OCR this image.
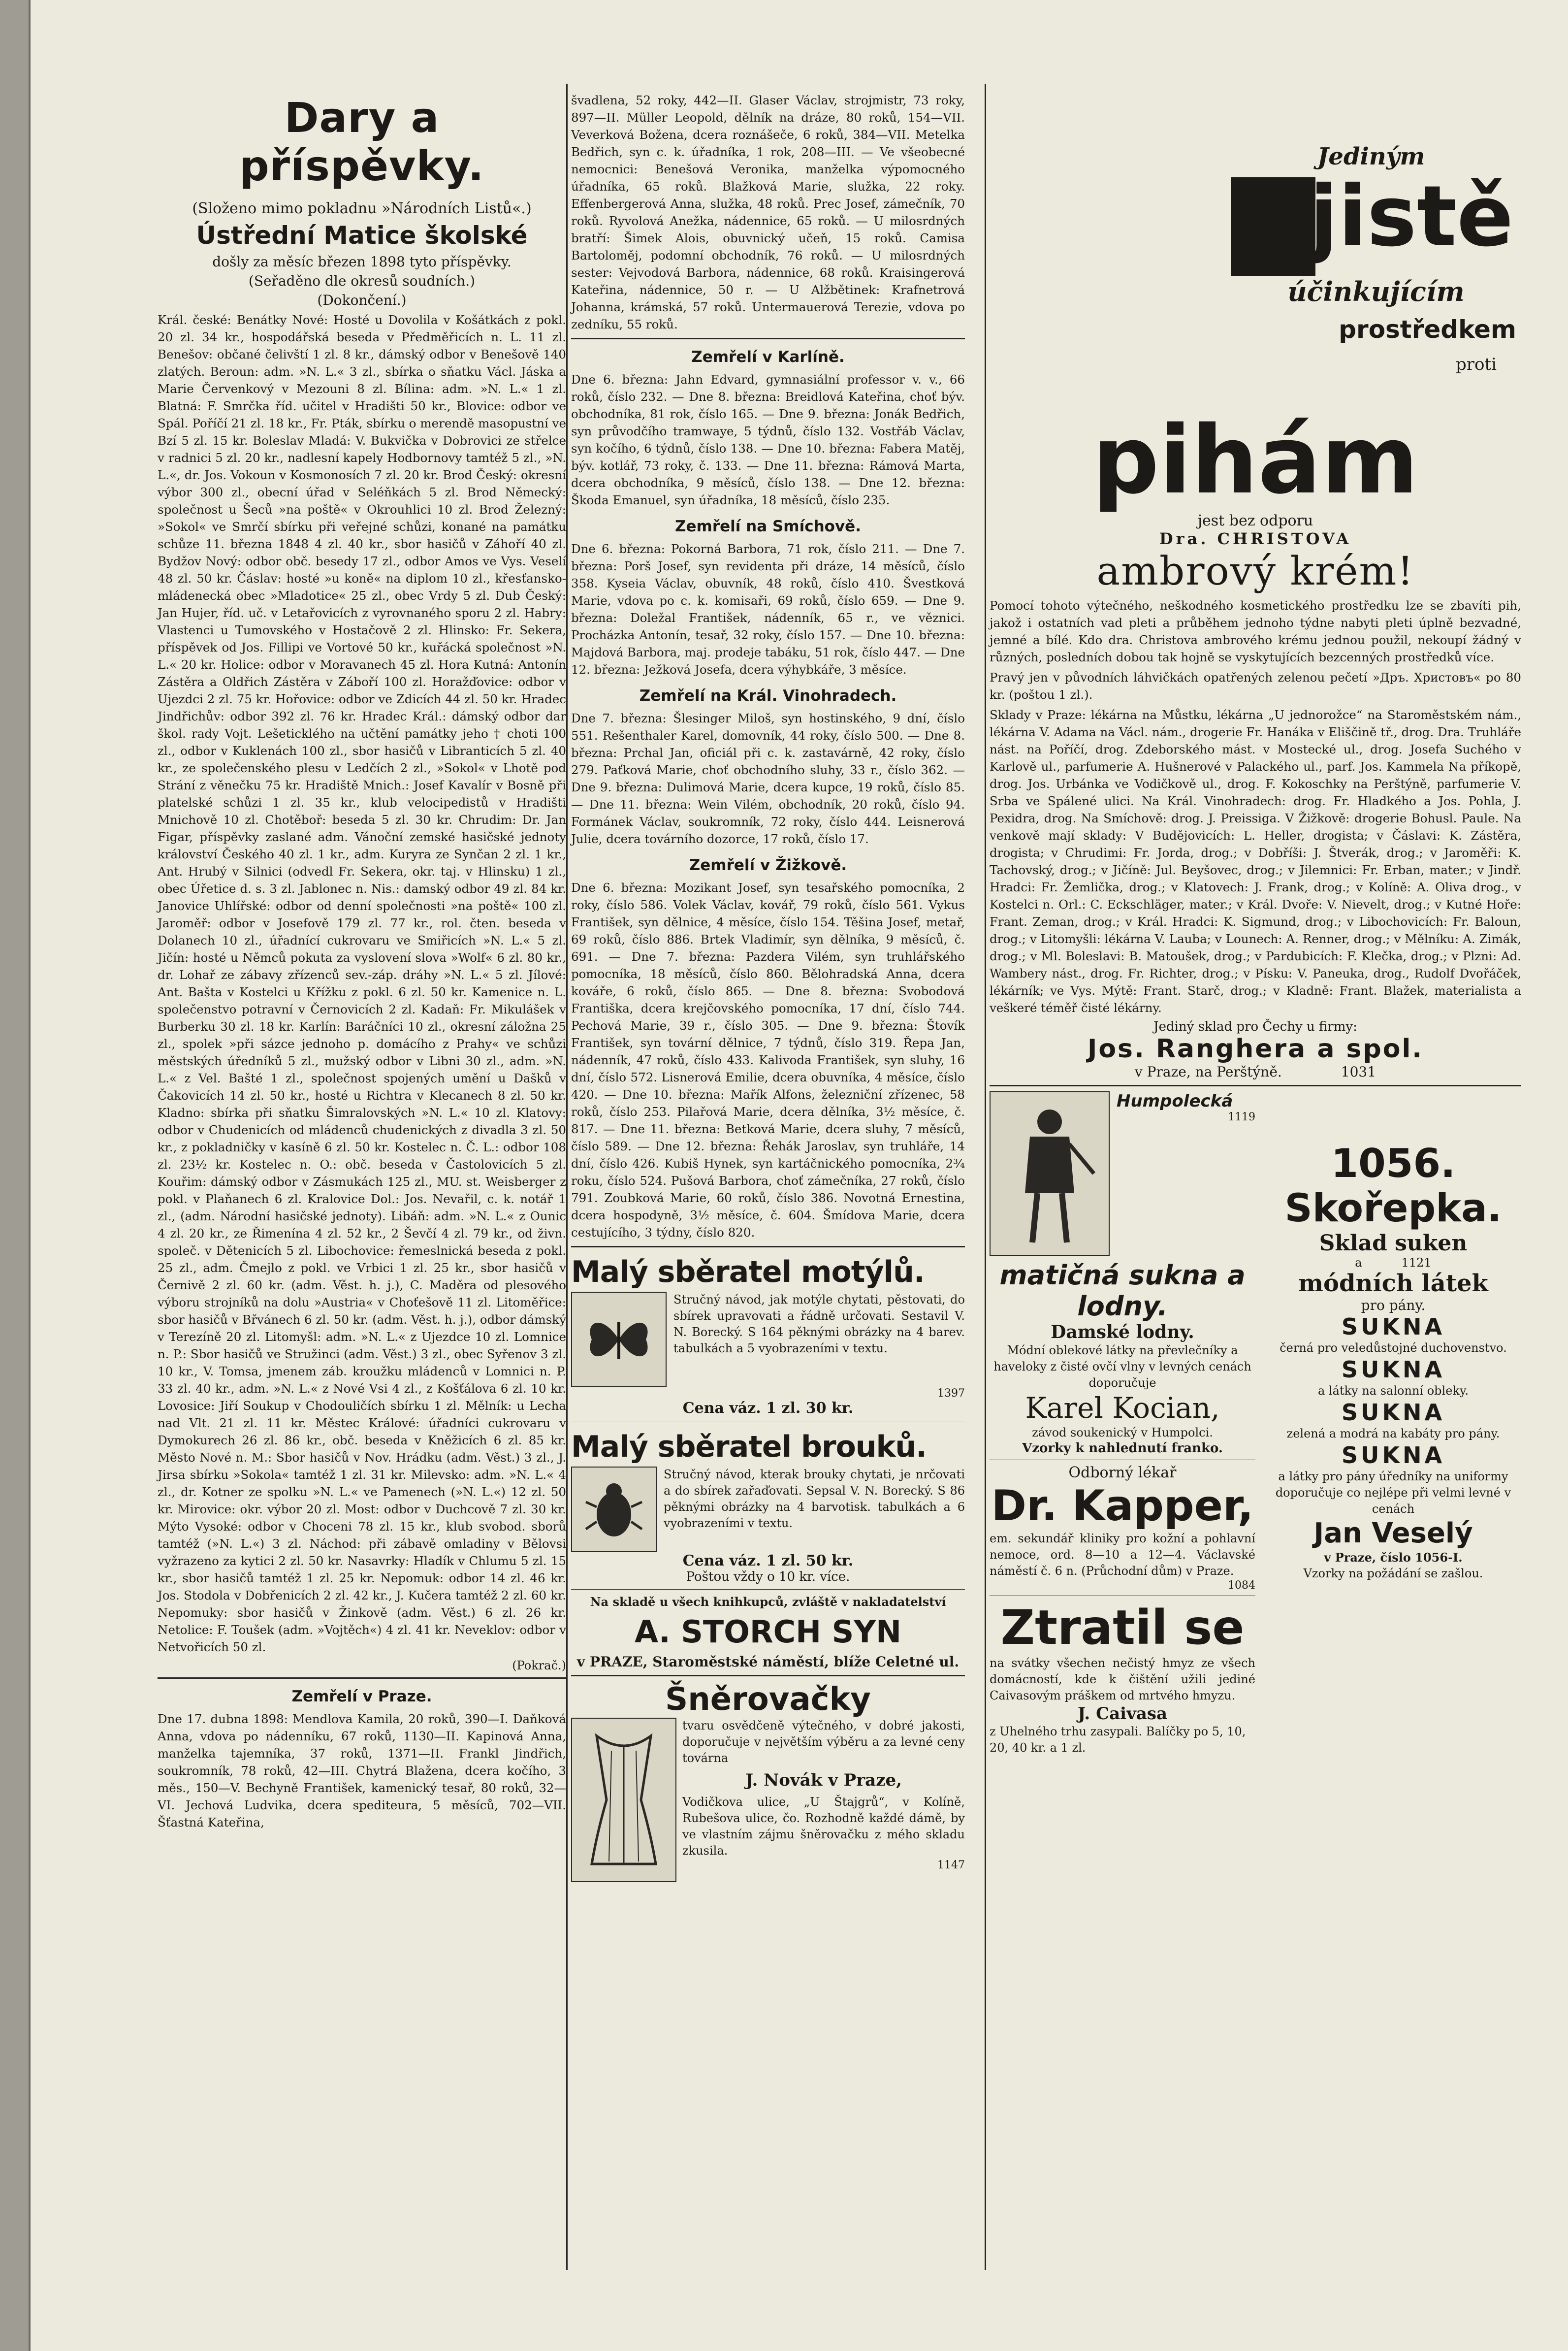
Dary a příspěvky.
(Složeno mimo pokladnu »Národních Listů«.)
Ústřední Matice školské
došly za měsíc březen 1898 tyto příspěvky.
(Seřaděno dle okresů soudních.)
(Dokončení.)
Král. české: Benátky Nové: Hosté u Dovolila v Košátkách z pokl. 20 zl. 34 kr., hospodářská beseda v Předměřicích n. L. 11 zl. Benešov: občané čelivští 1 zl. 8 kr., dámský odbor v Benešově 140 zlatých. Beroun: adm. »N. L.« 3 zl., sbírka o sňatku Václ. Jáska a Marie Červenkový v Mezouni 8 zl. Bílina: adm. »N. L.« 1 zl. Blatná: F. Smrčka říd. učitel v Hradišti 50 kr., Blovice: odbor ve Spál. Poříčí 21 zl. 18 kr., Fr. Pták, sbírku o merendě masopustní ve Bzí 5 zl. 15 kr. Boleslav Mladá: V. Bukvička v Dobrovici ze střelce v radnici 5 zl. 20 kr., nadlesní kapely Hodbornovy tamtéž 5 zl., »N. L.«, dr. Jos. Vokoun v Kosmonosích 7 zl. 20 kr. Brod Český: okresní výbor 300 zl., obecní úřad v Seléňkách 5 zl. Brod Německý: společnost u Šeců »na poště« v Okrouhlici 10 zl. Brod Železný: »Sokol« ve Smrčí sbírku při veřejné schůzi, konané na památku schůze 11. března 1848 4 zl. 40 kr., sbor hasičů v Záhoří 40 zl. Bydžov Nový: odbor obč. besedy 17 zl., odbor Amos ve Vys. Veselí 48 zl. 50 kr. Čáslav: hosté »u koně« na diplom 10 zl., křesťansko-mládenecká obec »Mladotice« 25 zl., obec Vrdy 5 zl. Dub Český: Jan Hujer, říd. uč. v Letařovicích z vyrovnaného sporu 2 zl. Habry: Vlastenci u Tumovského v Hostačově 2 zl. Hlinsko: Fr. Sekera, příspěvek od Jos. Fillipi ve Vortové 50 kr., kuřácká společnost »N. L.« 20 kr. Holice: odbor v Moravanech 45 zl. Hora Kutná: Antonín Zástěra a Oldřich Zástěra v Záboří 100 zl. Horažďovice: odbor v Ujezdci 2 zl. 75 kr. Hořovice: odbor ve Zdicích 44 zl. 50 kr. Hradec Jindřichův: odbor 392 zl. 76 kr. Hradec Král.: dámský odbor dar škol. rady Vojt. Lešeticklého na učtění památky jeho † choti 100 zl., odbor v Kuklenách 100 zl., sbor hasičů v Libranticích 5 zl. 40 kr., ze společenského plesu v Ledčích 2 zl., »Sokol« v Lhotě pod Strání z věnečku 75 kr. Hradiště Mnich.: Josef Kavalír v Bosně při platelské schůzi 1 zl. 35 kr., klub velocipedistů v Hradišti Mnichově 10 zl. Chotěboř: beseda 5 zl. 30 kr. Chrudim: Dr. Jan Figar, příspěvky zaslané adm. Vánoční zemské hasičské jednoty království Českého 40 zl. 1 kr., adm. Kuryra ze Synčan 2 zl. 1 kr., Ant. Hrubý v Silnici (odvedl Fr. Sekera, okr. taj. v Hlinsku) 1 zl., obec Úřetice d. s. 3 zl. Jablonec n. Nis.: damský odbor 49 zl. 84 kr. Janovice Uhlířské: odbor od denní společnosti »na poště« 100 zl. Jaroměř: odbor v Josefově 179 zl. 77 kr., rol. čten. beseda v Dolanech 10 zl., úřadnící cukrovaru ve Smiřicích »N. L.« 5 zl. Jičín: hosté u Němců pokuta za vyslovení slova »Wolf« 6 zl. 80 kr., dr. Lohař ze zábavy zřízenců sev.-záp. dráhy »N. L.« 5 zl. Jílové: Ant. Bašta v Kostelci u Křížku z pokl. 6 zl. 50 kr. Kamenice n. L. společenstvo potravní v Černovicích 2 zl. Kadaň: Fr. Mikulášek v Burberku 30 zl. 18 kr. Karlín: Baráčníci 10 zl., okresní záložna 25 zl., spolek »při sázce jednoho p. domácího z Prahy« ve schůzi městských úředníků 5 zl., mužský odbor v Libni 30 zl., adm. »N. L.« z Vel. Bašté 1 zl., společnost spojených umění u Dašků v Čakovicích 14 zl. 50 kr., hosté u Richtra v Klecanech 8 zl. 50 kr. Kladno: sbírka při sňatku Šimralovských »N. L.« 10 zl. Klatovy: odbor v Chudenicích od mládenců chudenických z divadla 3 zl. 50 kr., z pokladničky v kasíně 6 zl. 50 kr. Kostelec n. Č. L.: odbor 108 zl. 23½ kr. Kostelec n. O.: obč. beseda v Častolovicích 5 zl. Kouřim: dámský odbor v Zásmukách 125 zl., MU. st. Weisberger z pokl. v Plaňanech 6 zl. Kralovice Dol.: Jos. Nevařil, c. k. notář 1 zl., (adm. Národní hasičské jednoty). Libáň: adm. »N. L.« z Ounic 4 zl. 20 kr., ze Řimenína 4 zl. 52 kr., 2 Ševčí 4 zl. 79 kr., od živn. společ. v Dětenicích 5 zl. Libochovice: řemeslnická beseda z pokl. 25 zl., adm. Čmejlo z pokl. ve Vrbici 1 zl. 25 kr., sbor hasičů v Černivě 2 zl. 60 kr. (adm. Věst. h. j.), C. Maděra od plesového výboru strojníků na dolu »Austria« v Choťešově 11 zl. Litoměřice: sbor hasičů v Břvánech 6 zl. 50 kr. (adm. Věst. h. j.), odbor dámský v Terezíně 20 zl. Litomyšl: adm. »N. L.« z Ujezdce 10 zl. Lomnice n. P.: Sbor hasičů ve Stružinci (adm. Věst.) 3 zl., obec Syřenov 3 zl. 10 kr., V. Tomsa, jmenem záb. kroužku mládenců v Lomnici n. P. 33 zl. 40 kr., adm. »N. L.« z Nové Vsi 4 zl., z Košťálova 6 zl. 10 kr. Lovosice: Jiří Soukup v Chodouličích sbírku 1 zl. Mělník: u Lecha nad Vlt. 21 zl. 11 kr. Městec Králové: úřadníci cukrovaru v Dymokurech 26 zl. 86 kr., obč. beseda v Kněžicích 6 zl. 85 kr. Město Nové n. M.: Sbor hasičů v Nov. Hrádku (adm. Věst.) 3 zl., J. Jirsa sbírku »Sokola« tamtéž 1 zl. 31 kr. Milevsko: adm. »N. L.« 4 zl., dr. Kotner ze spolku »N. L.« ve Pamenech (»N. L.«) 12 zl. 50 kr. Mirovice: okr. výbor 20 zl. Most: odbor v Duchcově 7 zl. 30 kr. Mýto Vysoké: odbor v Choceni 78 zl. 15 kr., klub svobod. sborů tamtéž (»N. L.«) 3 zl. Náchod: při zábavě omladiny v Bělovsi vyžrazeno za kytici 2 zl. 50 kr. Nasavrky: Hladík v Chlumu 5 zl. 15 kr., sbor hasičů tamtéž 1 zl. 25 kr. Nepomuk: odbor 14 zl. 46 kr. Jos. Stodola v Dobřenicích 2 zl. 42 kr., J. Kučera tamtéž 2 zl. 60 kr. Nepomuky: sbor hasičů v Žinkově (adm. Věst.) 6 zl. 26 kr. Netolice: F. Toušek (adm. »Vojtěch«) 4 zl. 41 kr. Neveklov: odbor v Netvořicích 50 zl.
(Pokrač.)
Zemřelí v Praze.
Dne 17. dubna 1898: Mendlova Kamila, 20 roků, 390—I. Daňková Anna, vdova po nádenníku, 67 roků, 1130—II. Kapinová Anna, manželka tajemníka, 37 roků, 1371—II. Frankl Jindřich, soukromník, 78 roků, 42—III. Chytrá Blažena, dcera kočího, 3 měs., 150—V. Bechyně František, kamenický tesař, 80 roků, 32—VI. Jechová Ludvika, dcera spediteura, 5 měsíců, 702—VII. Šťastná Kateřina,
švadlena, 52 roky, 442—II. Glaser Václav, strojmistr, 73 roky, 897—II. Müller Leopold, dělník na dráze, 80 roků, 154—VII. Veverková Božena, dcera roznášeče, 6 roků, 384—VII. Metelka Bedřich, syn c. k. úřadníka, 1 rok, 208—III. — Ve všeobecné nemocnici: Benešová Veronika, manželka výpomocného úřadníka, 65 roků. Blažková Marie, služka, 22 roky. Effenbergerová Anna, služka, 48 roků. Prec Josef, zámečník, 70 roků. Ryvolová Anežka, nádennice, 65 roků. — U milosrdných bratří: Šimek Alois, obuvnický učeň, 15 roků. Camisa Bartoloměj, podomní obchodník, 76 roků. — U milosrdných sester: Vejvodová Barbora, nádennice, 68 roků. Kraisingerová Kateřina, nádennice, 50 r. — U Alžbětinek: Krafnetrová Johanna, krámská, 57 roků. Untermauerová Terezie, vdova po zedníku, 55 roků.
Zemřelí v Karlíně.
Dne 6. března: Jahn Edvard, gymnasiální professor v. v., 66 roků, číslo 232. — Dne 8. března: Breidlová Kateřina, choť býv. obchodníka, 81 rok, číslo 165. — Dne 9. března: Jonák Bedřich, syn průvodčího tramwaye, 5 týdnů, číslo 132. Vostřáb Václav, syn kočího, 6 týdnů, číslo 138. — Dne 10. března: Fabera Matěj, býv. kotlář, 73 roky, č. 133. — Dne 11. března: Rámová Marta, dcera obchodníka, 9 měsíců, číslo 138. — Dne 12. března: Škoda Emanuel, syn úřadníka, 18 měsíců, číslo 235.
Zemřelí na Smíchově.
Dne 6. března: Pokorná Barbora, 71 rok, číslo 211. — Dne 7. března: Porš Josef, syn revidenta při dráze, 14 měsíců, číslo 358. Kyseia Václav, obuvník, 48 roků, číslo 410. Švestková Marie, vdova po c. k. komisaři, 69 roků, číslo 659. — Dne 9. března: Doležal František, nádenník, 65 r., ve věznici. Procházka Antonín, tesař, 32 roky, číslo 157. — Dne 10. března: Majdová Barbora, maj. prodeje tabáku, 51 rok, číslo 447. — Dne 12. března: Ježková Josefa, dcera výhybkáře, 3 měsíce.
Zemřelí na Král. Vinohradech.
Dne 7. března: Šlesinger Miloš, syn hostinského, 9 dní, číslo 551. Rešenthaler Karel, domovník, 44 roky, číslo 500. — Dne 8. března: Prchal Jan, oficiál při c. k. zastavárně, 42 roky, číslo 279. Paťková Marie, choť obchodního sluhy, 33 r., číslo 362. — Dne 9. března: Dulimová Marie, dcera kupce, 19 roků, číslo 85. — Dne 11. března: Wein Vilém, obchodník, 20 roků, číslo 94. Formánek Václav, soukromník, 72 roky, číslo 444. Leisnerová Julie, dcera továrního dozorce, 17 roků, číslo 17.
Zemřelí v Žižkově.
Dne 6. března: Mozikant Josef, syn tesařského pomocníka, 2 roky, číslo 586. Volek Václav, kovář, 79 roků, číslo 561. Vykus František, syn dělnice, 4 měsíce, číslo 154. Těšina Josef, metař, 69 roků, číslo 886. Brtek Vladimír, syn dělníka, 9 měsíců, č. 691. — Dne 7. března: Pazdera Vilém, syn truhlářského pomocníka, 18 měsíců, číslo 860. Bělohradská Anna, dcera kováře, 6 roků, číslo 865. — Dne 8. března: Svobodová Františka, dcera krejčovského pomocníka, 17 dní, číslo 744. Pechová Marie, 39 r., číslo 305. — Dne 9. března: Štovík František, syn tovární dělnice, 7 týdnů, číslo 319. Řepa Jan, nádenník, 47 roků, číslo 433. Kalivoda František, syn sluhy, 16 dní, číslo 572. Lisnerová Emilie, dcera obuvníka, 4 měsíce, číslo 420. — Dne 10. března: Mařík Alfons, železniční zřízenec, 58 roků, číslo 253. Pilařová Marie, dcera dělníka, 3½ měsíce, č. 817. — Dne 11. března: Betková Marie, dcera sluhy, 7 měsíců, číslo 589. — Dne 12. března: Řehák Jaroslav, syn truhláře, 14 dní, číslo 426. Kubiš Hynek, syn kartáčnického pomocníka, 2¾ roku, číslo 524. Pušová Barbora, choť zámečníka, 27 roků, číslo 791. Zoubková Marie, 60 roků, číslo 386. Novotná Ernestina, dcera hospodyně, 3½ měsíce, č. 604. Šmídova Marie, dcera cestujícího, 3 týdny, číslo 820.
Malý sběratel motýlů.
Stručný návod, jak motýle chytati, pěstovati, do sbírek upravovati a řádně určovati. Sestavil V. N. Borecký. S 164 pěknými obrázky na 4 barev. tabulkách a 5 vyobrazeními v textu.
1397
Cena váz. 1 zl. 30 kr.
Malý sběratel brouků.
Stručný návod, kterak brouky chytati, je nrčovati a do sbírek zařaďovati. Sepsal V. N. Borecký. S 86 pěknými obrázky na 4 barvotisk. tabulkách a 6 vyobrazeními v textu.
Cena váz. 1 zl. 50 kr.
Poštou vždy o 10 kr. více.
Na skladě u všech knihkupců, zvláště v nakladatelství
A. STORCH SYN
v PRAZE, Staroměstské náměstí, blíže Celetné ul.
Šněrovačky
tvaru osvědčeně výtečného, v dobré jakosti, doporučuje v největším výběru a za levné ceny továrna
J. Novák v Praze,
Vodičkova ulice, „U Štajgrů“, v Kolíně, Rubešova ulice, čo. Rozhodně každé dámě, by ve vlastním zájmu šněrovačku z mého skladu zkusila.
1147
Jediným
jistě
účinkujícím
prostředkem
proti
pihám
jest bez odporu
Dra. CHRISTOVA
ambrový krém!
Pomocí tohoto výtečného, neškodného kosmetického prostředku lze se zbavíti pih, jakož i ostatních vad pleti a průběhem jednoho týdne nabyti pleti úplně bezvadné, jemné a bílé. Kdo dra. Christova ambrového krému jednou použil, nekoupí žádný v různých, posledních dobou tak hojně se vyskytujících bezcenných prostředků více.
Pravý jen v původních láhvičkách opatřených zelenou pečetí »Дръ. Христовъ« po 80 kr. (poštou 1 zl.).
Sklady v Praze: lékárna na Můstku, lékárna „U jednorožce“ na Staroměstském nám., lékárna V. Adama na Václ. nám., drogerie Fr. Hanáka v Eliščině tř., drog. Dra. Truhláře nást. na Poříčí, drog. Zdeborského mást. v Mostecké ul., drog. Josefa Suchého v Karlově ul., parfumerie A. Hušnerové v Palackého ul., parf. Jos. Kammela Na příkopě, drog. Jos. Urbánka ve Vodičkově ul., drog. F. Kokoschky na Perštýně, parfumerie V. Srba ve Spálené ulici. Na Král. Vinohradech: drog. Fr. Hladkého a Jos. Pohla, J. Pexidra, drog. Na Smíchově: drog. J. Preissiga. V Žižkově: drogerie Bohusl. Paule. Na venkově mají sklady: V Budějovicích: L. Heller, drogista; v Čáslavi: K. Zástěra, drogista; v Chrudimi: Fr. Jorda, drog.; v Dobříši: J. Štverák, drog.; v Jaroměři: K. Tachovský, drog.; v Jičíně: Jul. Beyšovec, drog.; v Jilemnici: Fr. Erban, mater.; v Jindř. Hradci: Fr. Žemlička, drog.; v Klatovech: J. Frank, drog.; v Kolíně: A. Oliva drog., v Kostelci n. Orl.: C. Eckschläger, mater.; v Král. Dvoře: V. Nievelt, drog.; v Kutné Hoře: Frant. Zeman, drog.; v Král. Hradci: K. Sigmund, drog.; v Libochovicích: Fr. Baloun, drog.; v Litomyšli: lékárna V. Lauba; v Lounech: A. Renner, drog.; v Mělníku: A. Zimák, drog.; v Ml. Boleslavi: B. Matoušek, drog.; v Pardubicích: F. Klečka, drog.; v Plzni: Ad. Wambery nást., drog. Fr. Richter, drog.; v Písku: V. Paneuka, drog., Rudolf Dvořáček, lékárník; ve Vys. Mýtě: Frant. Starč, drog.; v Kladně: Frant. Blažek, materialista a veškeré téměř čisté lékárny.
Jediný sklad pro Čechy u firmy:
Jos. Ranghera a spol.
v Praze, na Perštýně.	1031
Humpolecká
1119
matičná sukna a lodny.
Damské lodny.
Módní oblekové látky na převlečníky a haveloky z čisté ovčí vlny v levných cenách doporučuje
Karel Kocian,
závod soukenický v Humpolci.
Vzorky k nahlednutí franko.
Odborný lékař
Dr. Kapper,
em. sekundář kliniky pro kožní a pohlavní nemoce, ord. 8—10 a 12—4. Václavské náměstí č. 6 n. (Průchodní dům) v Praze.
1084
Ztratil se
na svátky všechen nečistý hmyz ze všech domácností, kde k čištění užili jediné Caivasovým práškem od mrtvého hmyzu.
J. Caivasa
z Uhelného trhu zasypali. Balíčky po 5, 10, 20, 40 kr. a 1 zl.
1056.
Skořepka.
Sklad suken
a	1121
módních látek
pro pány.
SUKNA
černá pro veledůstojné duchovenstvo.
SUKNA
a látky na salonní obleky.
SUKNA
zelená a modrá na kabáty pro pány.
SUKNA
a látky pro pány úředníky na uniformy
doporučuje co nejlépe při velmi levné v cenách
Jan Veselý
v Praze, číslo 1056-I.
Vzorky na požádání se zašlou.
